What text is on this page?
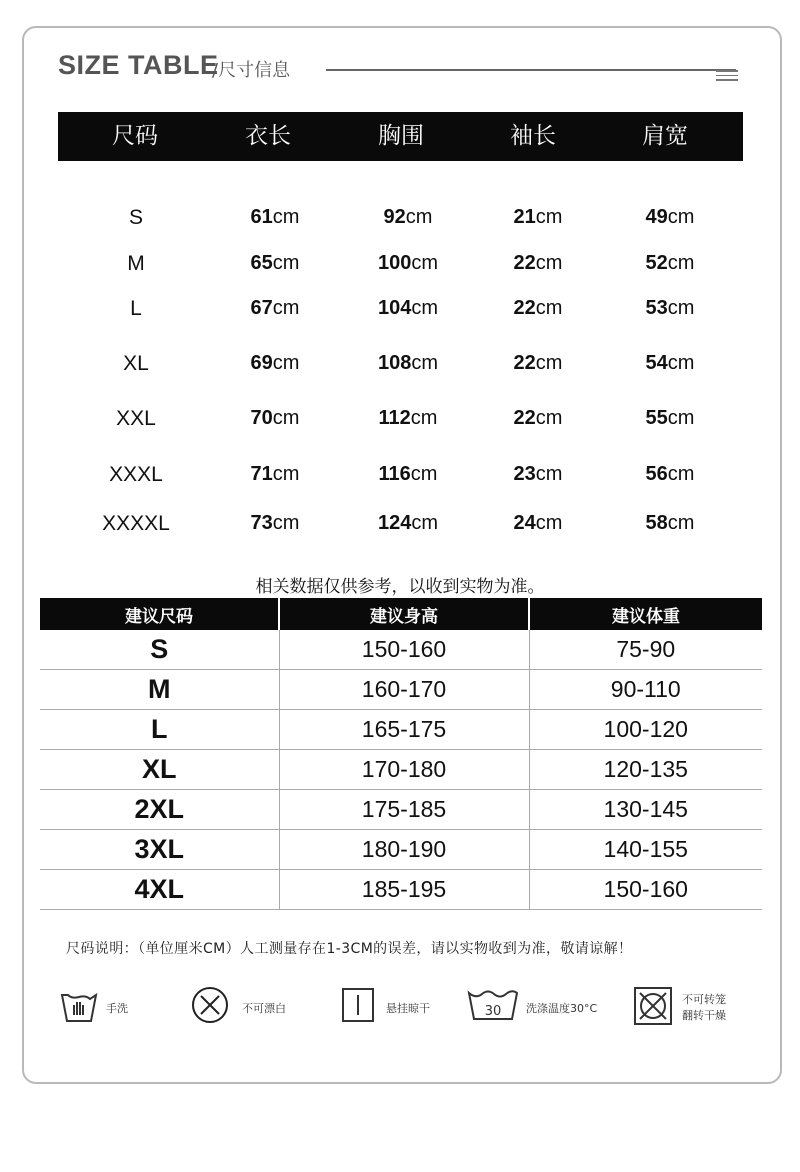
SIZE TABLE
/尺寸信息
尺码	衣长	胸围	袖长	肩宽
S	61cm	92cm	21cm	49cm
M	65cm	100cm	22cm	52cm
L	67cm	104cm	22cm	53cm
XL	69cm	108cm	22cm	54cm
XXL	70cm	112cm	22cm	55cm
XXXL	71cm	116cm	23cm	56cm
XXXXL	73cm	124cm	24cm	58cm
相关数据仅供参考，以收到实物为准。
建议尺码	建议身高	建议体重
S	150-160	75-90
M	160-170	90-110
L	165-175	100-120
XL	170-180	120-135
2XL	175-185	130-145
3XL	180-190	140-155
4XL	185-195	150-160
尺码说明：（单位厘米CM）人工测量存在1-3CM的误差，请以实物收到为准，敬请谅解！
手洗	不可漂白	悬挂晾干	30 洗涤温度30°C
不可转笼
翻转干燥
